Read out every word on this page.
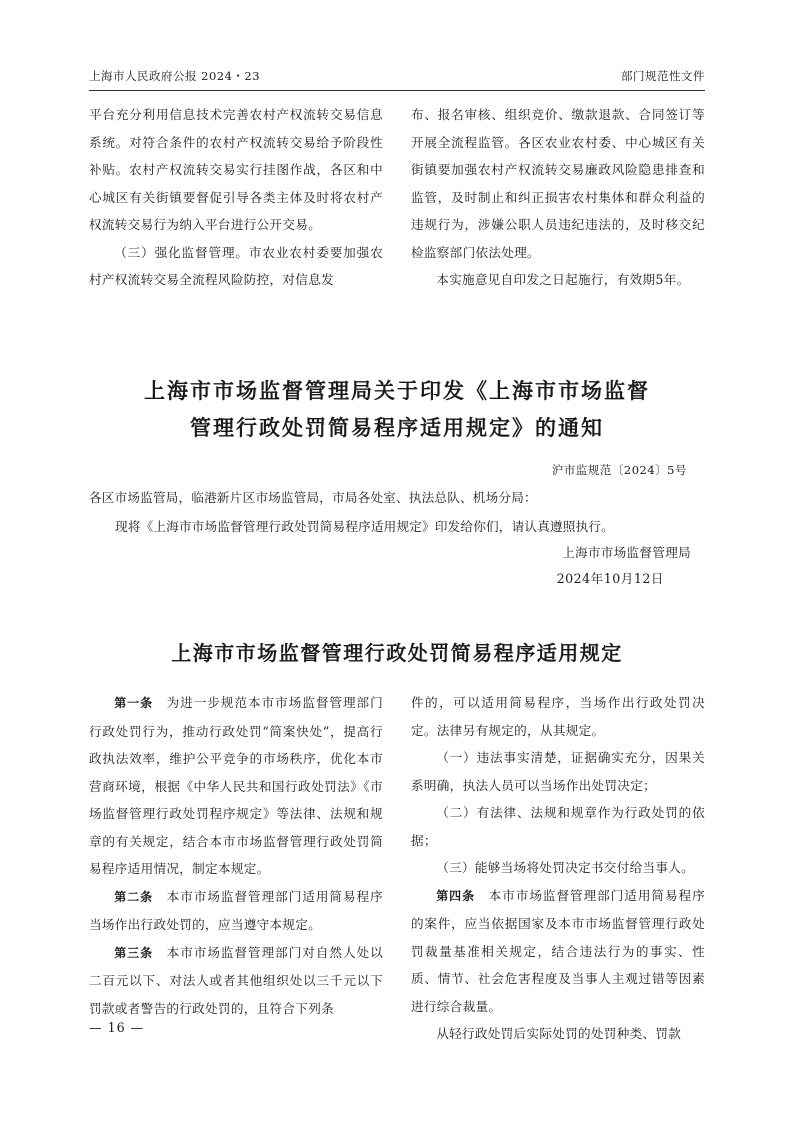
上海市人民政府公报 2024・23	部门规范性文件

平台充分利用信息技术完善农村产权流转交易信息系统。对符合条件的农村产权流转交易给予阶段性补贴。农村产权流转交易实行挂图作战，各区和中心城区有关街镇要督促引导各类主体及时将农村产权流转交易行为纳入平台进行公开交易。

（三）强化监督管理。市农业农村委要加强农村产权流转交易全流程风险防控，对信息发

布、报名审核、组织竞价、缴款退款、合同签订等开展全流程监管。各区农业农村委、中心城区有关街镇要加强农村产权流转交易廉政风险隐患排查和监管，及时制止和纠正损害农村集体和群众利益的违规行为，涉嫌公职人员违纪违法的，及时移交纪检监察部门依法处理。

本实施意见自印发之日起施行，有效期5年。

上海市市场监督管理局关于印发《上海市市场监督
管理行政处罚简易程序适用规定》的通知
沪市监规范〔2024〕5号
各区市场监管局，临港新片区市场监管局，市局各处室、执法总队、机场分局：
现将《上海市市场监督管理行政处罚简易程序适用规定》印发给你们，请认真遵照执行。
上海市市场监督管理局
2024年10月12日
上海市市场监督管理行政处罚简易程序适用规定

第一条　 为进一步规范本市市场监督管理部门行政处罚行为，推动行政处罚“简案快处”，提高行政执法效率，维护公平竞争的市场秩序，优化本市营商环境，根据《中华人民共和国行政处罚法》《市场监督管理行政处罚程序规定》等法律、法规和规章的有关规定，结合本市市场监督管理行政处罚简易程序适用情况，制定本规定。

第二条　 本市市场监督管理部门适用简易程序当场作出行政处罚的，应当遵守本规定。

第三条　 本市市场监督管理部门对自然人处以二百元以下、对法人或者其他组织处以三千元以下罚款或者警告的行政处罚的，且符合下列条

件的，可以适用简易程序，当场作出行政处罚决定。法律另有规定的，从其规定。

（一）违法事实清楚，证据确实充分，因果关系明确，执法人员可以当场作出处罚决定；

（二）有法律、法规和规章作为行政处罚的依据；

（三）能够当场将处罚决定书交付给当事人。

第四条　 本市市场监督管理部门适用简易程序的案件，应当依据国家及本市市场监督管理行政处罚裁量基准相关规定，结合违法行为的事实、性质、情节、社会危害程度及当事人主观过错等因素进行综合裁量。

从轻行政处罚后实际处罚的处罚种类、罚款

— 16 —
